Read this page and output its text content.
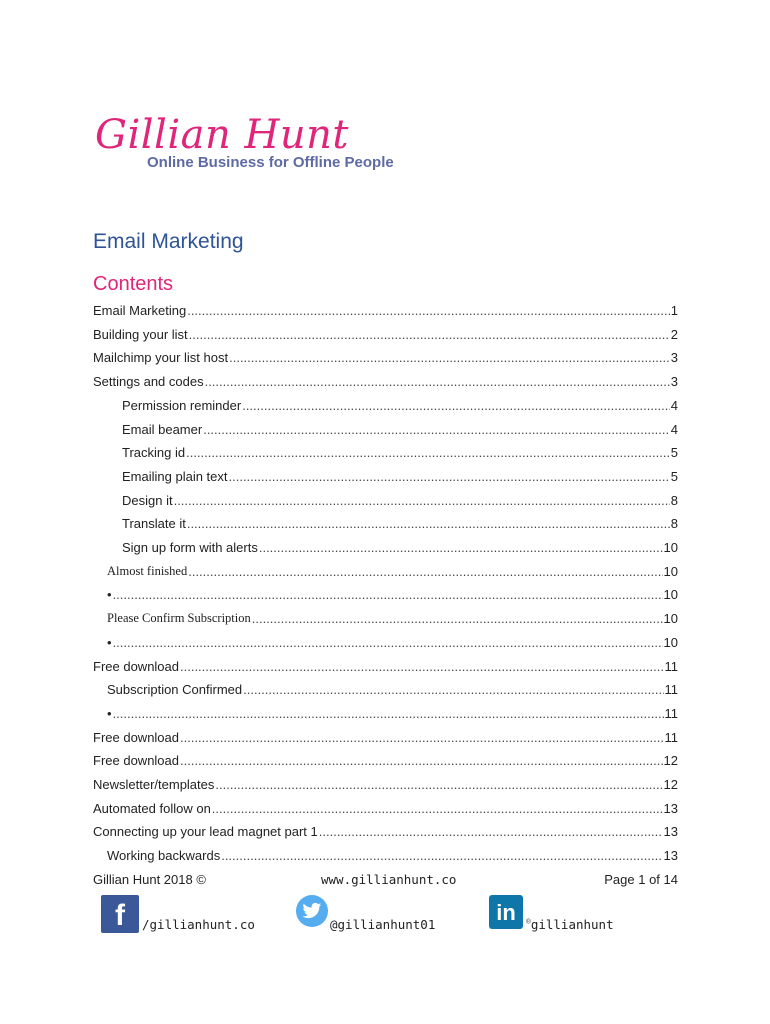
Gillian Hunt
Online Business for Offline People
Email Marketing
Contents
Email Marketing .....	1
Building your list .....	2
Mailchimp your list host .....	3
Settings and codes .....	3
Permission reminder .....	4
Email beamer .....	4
Tracking id .....	5
Emailing plain text .....	5
Design it .....	8
Translate it .....	8
Sign up form with alerts .....	10
Almost finished .....	10
• .....	10
Please Confirm Subscription .....	10
• .....	10
Free download .....	11
Subscription Confirmed .....	11
• .....	11
Free download .....	11
Free download .....	12
Newsletter/templates .....	12
Automated follow on .....	13
Connecting up your lead magnet part 1 .....	13
Working backwards .....	13
Gillian Hunt 2018 ©	www.gillianhunt.co	Page 1 of 14
f	/gillianhunt.co	@gillianhunt01	in	®gillianhunt
